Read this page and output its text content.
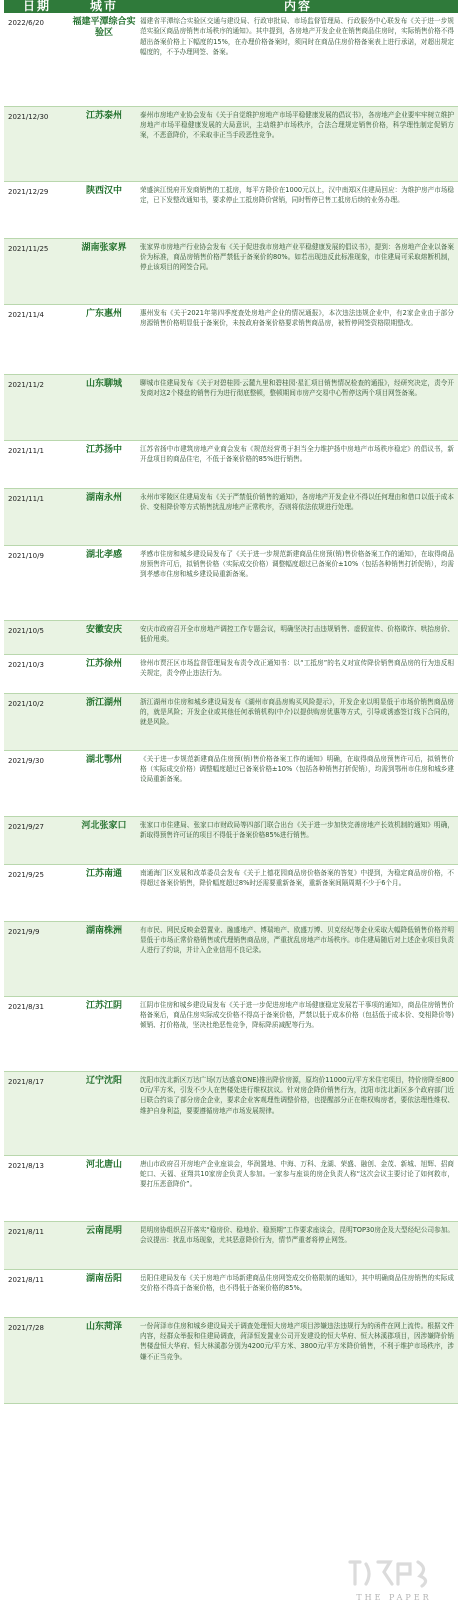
日期	城市	内容
2022/6/20	福建平潭综合实验区	福建省平潭综合实验区交通与建设局、行政审批局、市场监督管理局、行政服务中心联发布《关于进一步规范实验区商品房销售市场秩序的通知》。其中提到，各房地产开发企业在销售商品住房时，实际销售价格不得超出备案价格上下幅度的15%，在办理价格备案时，须同时在商品住房价格备案表上进行承诺，对超出规定幅度的，不予办理网签、备案。
2021/12/30	江苏泰州	泰州市房地产业协会发布《关于自觉维护房地产市场平稳健康发展的倡议书》，各房地产企业要牢牢树立维护房地产市场平稳健康发展的大局意识，主动维护市场秩序，合法合理规定销售价格，科学理性制定促销方案，不恶意降价，不采取非正当手段恶性竞争。
2021/12/29	陕西汉中	荣盛滨江悦府开发商销售的工抵房，每平方降价在1000元以上，汉中南郑区住建局回应：为维护房产市场稳定，已下发整改通知书，要求停止工抵房降价营销，同时暂停已售工抵房后续的业务办理。
2021/11/25	湖南张家界	张家界市房地产行业协会发布《关于促进我市房地产业平稳健康发展的倡议书》，提到：各房地产企业以备案价为标准，商品房销售价格严禁低于备案价的80%。如若出现违反此标准现象，市住建局可采取熔断机制，停止该项目的网签合同。
2021/11/4	广东惠州	惠州发布《关于2021年第四季度查处房地产企业的情况通报》，本次违法违规企业中，有2家企业由于部分房源销售价格明显低于备案价，未按政府备案价格要求销售商品房，被暂停网签资格限期整改。
2021/11/2	山东聊城	聊城市住建局发布《关于对碧桂园·云麓九里和碧桂园·星汇项目销售情况检查的通报》，经研究决定，责令开发商对这2个楼盘的销售行为进行彻底整顿，整顿期间市房产交易中心暂停这两个项目网签备案。
2021/11/1	江苏扬中	江苏省扬中市建筑房地产业商会发布《规范经营勇于担当全力维护扬中房地产市场秩序稳定》的倡议书，新开盘项目的商品住宅，不低于备案价格的85%进行销售。
2021/11/1	湖南永州	永州市零陵区住建局发布《关于严禁低价销售的通知》，各房地产开发企业不得以任何理由和借口以低于成本价、变相降价等方式销售扰乱房地产正常秩序，否则将依法依规进行处理。
2021/10/9	湖北孝感	孝感市住房和城乡建设局发布了《关于进一步规范新建商品住房预(销)售价格备案工作的通知》，在取得商品房预售许可后，拟销售价格（实际成交价格）调整幅度超过已备案价±10%（包括各种销售打折促销），均需到孝感市住房和城乡建设局重新备案。
2021/10/5	安徽安庆	安庆市政府召开全市房地产调控工作专题会议，明确坚决打击违规销售、虚假宣传、价格欺诈、哄抬房价、低价甩卖。
2021/10/3	江苏徐州	徐州市贾汪区市场监督管理局发布责令改正通知书：以“工抵房”的名义对宣传降价销售商品房的行为违反相关规定，责令停止违法行为。
2021/10/2	浙江湖州	浙江湖州市住房和城乡建设局发布《湖州市商品房购买风险提示》，开发企业以明显低于市场价销售商品房的，就是风险；开发企业或其他任何承销机构(中介)以提供购房优惠等方式，引导或诱惑签订线下合同的，就是风险。
2021/9/30	湖北鄂州	《关于进一步规范新建商品住房预(销)售价格备案工作的通知》明确，在取得商品房预售许可后，拟销售价格（实际成交价格）调整幅度超过已备案价格±10%（包括各种销售打折促销），均需到鄂州市住房和城乡建设局重新备案。
2021/9/27	河北张家口	张家口市住建局、张家口市财政局等四部门联合出台《关于进一步加快完善房地产长效机制的通知》明确，新取得预售许可证的项目不得低于备案价格85%进行销售。
2021/9/25	江苏南通	南通海门区发展和改革委员会发布《关于上德花园商品房价格备案的答复》中提到，为稳定商品房价格，不得超过备案价销售，降价幅度超过8%时还需要重新备案，重新备案间隔周期不少于6个月。
2021/9/9	湖南株洲	有市民、网民反映金碧置业、融盛地产、博瑞地产、欧盛万博、贝克经纪等企业采取大幅降低销售价格并明显低于市场正常价格销售或代理销售商品房，严重扰乱房地产市场秩序。市住建局随后对上述企业项目负责人进行了约谈，并计入企业信用不良记录。
2021/8/31	江苏江阴	江阴市住房和城乡建设局发布《关于进一步促进房地产市场健康稳定发展若干事项的通知》，商品住房销售价格备案后，商品住房实际成交价格不得高于备案价格，严禁以低于成本价格（包括低于成本价、变相降价等)倾销、打价格战，坚决杜绝恶性竞争，降标降质减配等行为。
2021/8/17	辽宁沈阳	沈阳市沈北新区万达广场(万达盛京ONE)推出降价房源，原均价11000元/平方米住宅项目，特价房降至8000元/平方米，引发不少人在售楼处进行维权抗议。针对房企降价销售行为，沈阳市沈北新区多个政府部门近日联合约谈了部分房企企业，要求企业客观理性调整价格，也提醒部分正在维权购房者，要依法理性维权、维护自身利益，要要遵循房地产市场发展规律。
2021/8/13	河北唐山	唐山市政府召开房地产企业座谈会，华润置地、中海、万科、龙湖、荣盛、融创、金茂、新城、旭辉、招商蛇口、天福、亚翔共10家房企负责人参加。一家参与座谈的房企负责人称“这次会议主要讨论了如何救市，要打压恶意降价”。
2021/8/11	云南昆明	昆明房协组织召开落实“稳房价、稳地价、稳预期”工作要求座谈会，昆明TOP30房企及大型经纪公司参加。会议提出：扰乱市场现象，尤其恶意降价行为，情节严重者将停止网签。
2021/8/11	湖南岳阳	岳阳住建局发布《关于房地产市场新建商品住房网签成交价格限制的通知》，其中明确商品住房销售的实际成交价格不得高于备案价格，也不得低于备案价格的85%。
2021/7/28	山东菏泽	一份菏泽市住房和城乡建设局关于调查处理恒大房地产项目涉嫌违法违规行为的函件在网上流传。根据文件内容，经群众举报和住建局调查，菏泽恒发置业公司开发建设的恒大华府、恒大林溪郡项目，因涉嫌降价销售楼盘恒大华府、恒大林溪郡分别为4200元/平方米、3800元/平方米降价销售，不利于维护市场秩序，涉嫌不正当竞争。
THE PAPER
